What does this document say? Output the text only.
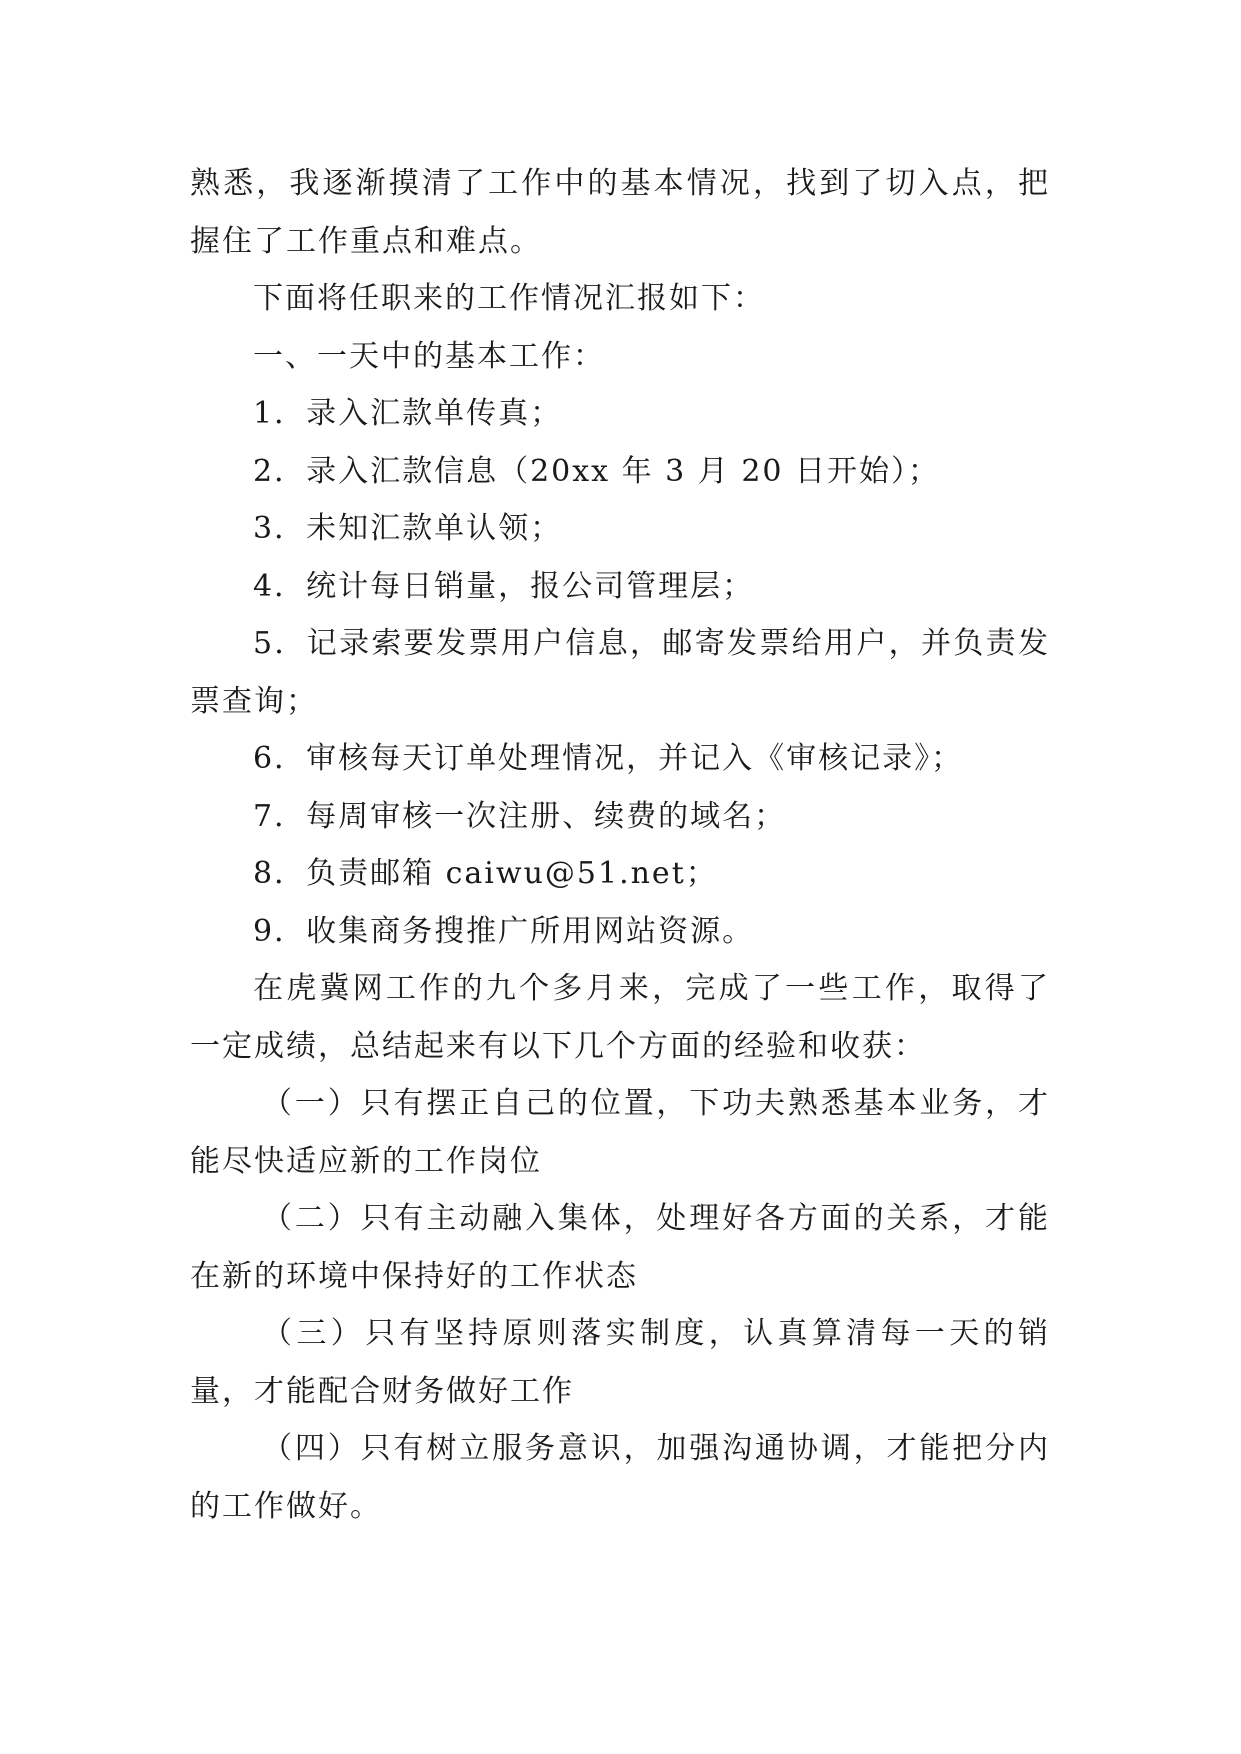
熟悉，我逐渐摸清了工作中的基本情况，找到了切入点，把握住了工作重点和难点。

下面将任职来的工作情况汇报如下：

一、一天中的基本工作：

1．录入汇款单传真；

2．录入汇款信息（20xx 年 3 月 20 日开始）；

3．未知汇款单认领；

4．统计每日销量，报公司管理层；

5．记录索要发票用户信息，邮寄发票给用户，并负责发票查询；

6．审核每天订单处理情况，并记入《审核记录》；

7．每周审核一次注册、续费的域名；

8．负责邮箱 caiwu@51.net；

9．收集商务搜推广所用网站资源。

在虎冀网工作的九个多月来，完成了一些工作，取得了一定成绩，总结起来有以下几个方面的经验和收获：

（一）只有摆正自己的位置，下功夫熟悉基本业务，才能尽快适应新的工作岗位

（二）只有主动融入集体，处理好各方面的关系，才能在新的环境中保持好的工作状态

（三）只有坚持原则落实制度，认真算清每一天的销量，才能配合财务做好工作

（四）只有树立服务意识，加强沟通协调，才能把分内的工作做好。
